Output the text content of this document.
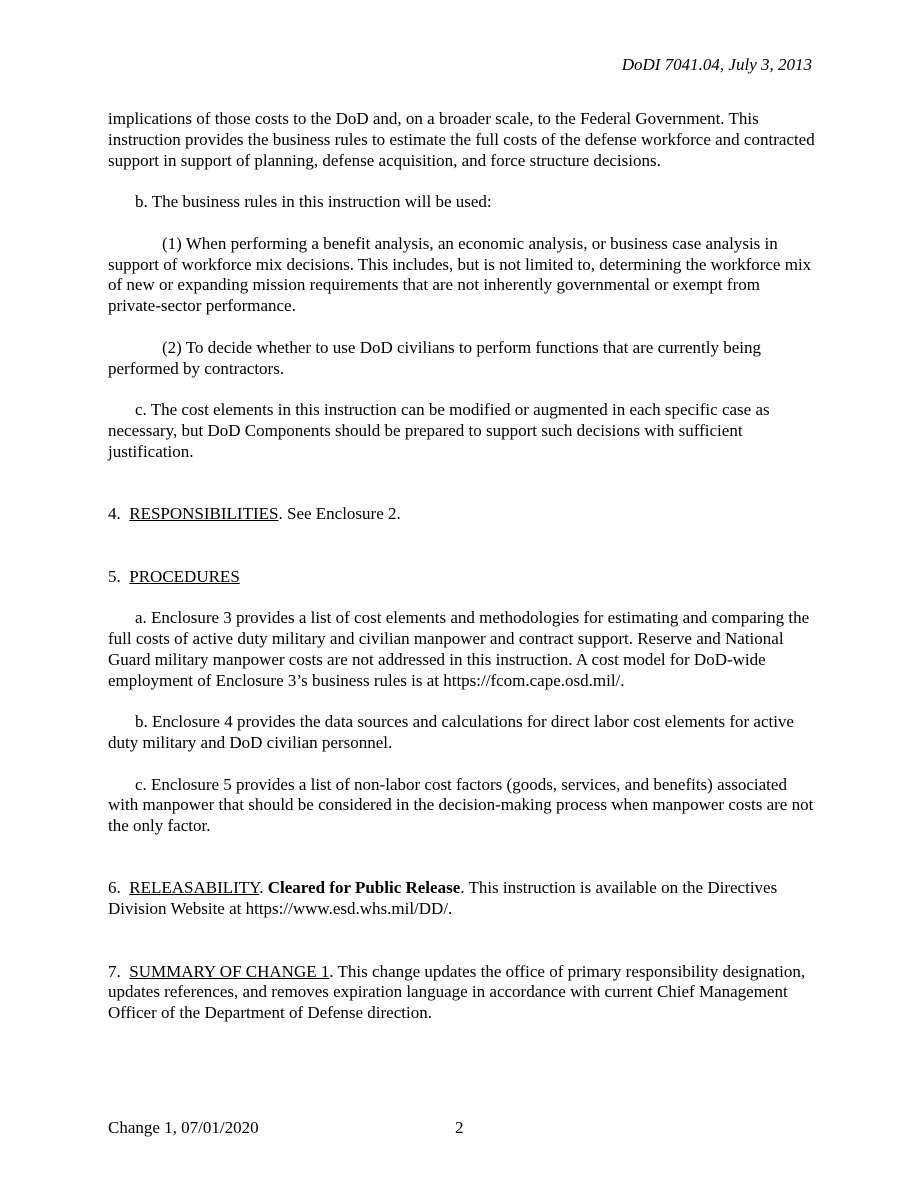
DoDI 7041.04, July 3, 2013

implications of those costs to the DoD and, on a broader scale, to the Federal Government. This instruction provides the business rules to estimate the full costs of the defense workforce and contracted support in support of planning, defense acquisition, and force structure decisions.

b. The business rules in this instruction will be used:

(1) When performing a benefit analysis, an economic analysis, or business case analysis in support of workforce mix decisions. This includes, but is not limited to, determining the workforce mix of new or expanding mission requirements that are not inherently governmental or exempt from private-sector performance.

(2) To decide whether to use DoD civilians to perform functions that are currently being performed by contractors.

c. The cost elements in this instruction can be modified or augmented in each specific case as necessary, but DoD Components should be prepared to support such decisions with sufficient justification.

4. RESPONSIBILITIES. See Enclosure 2.

5. PROCEDURES

a. Enclosure 3 provides a list of cost elements and methodologies for estimating and comparing the full costs of active duty military and civilian manpower and contract support. Reserve and National Guard military manpower costs are not addressed in this instruction. A cost model for DoD-wide employment of Enclosure 3’s business rules is at https://fcom.cape.osd.mil/.

b. Enclosure 4 provides the data sources and calculations for direct labor cost elements for active duty military and DoD civilian personnel.

c. Enclosure 5 provides a list of non-labor cost factors (goods, services, and benefits) associated with manpower that should be considered in the decision-making process when manpower costs are not the only factor.

6. RELEASABILITY. Cleared for Public Release. This instruction is available on the Directives Division Website at https://www.esd.whs.mil/DD/.

7. SUMMARY OF CHANGE 1. This change updates the office of primary responsibility designation, updates references, and removes expiration language in accordance with current Chief Management Officer of the Department of Defense direction.

Change 1, 07/01/2020	2
